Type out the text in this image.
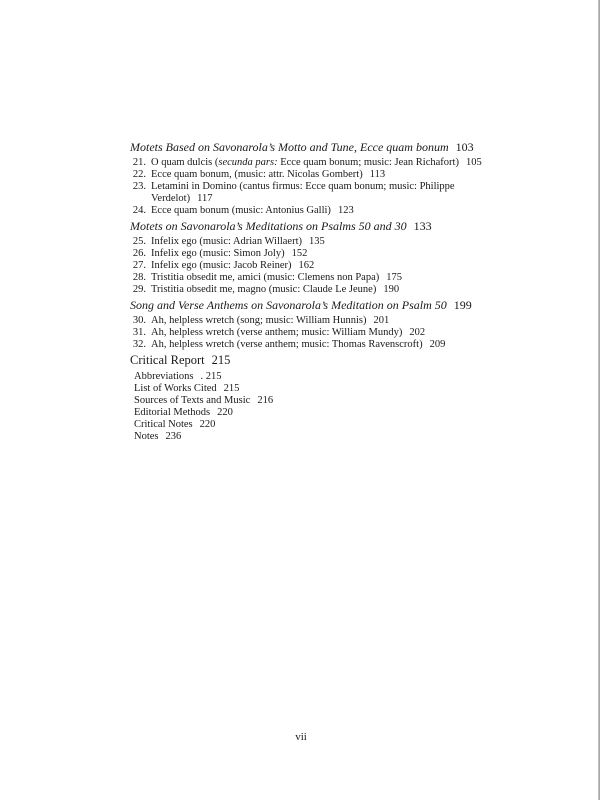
Motets Based on Savonarola’s Motto and Tune, Ecce quam bonum 103
21. O quam dulcis (secunda pars: Ecce quam bonum; music: Jean Richafort) 105
22. Ecce quam bonum, (music: attr. Nicolas Gombert) 113
23. Letamini in Domino (cantus firmus: Ecce quam bonum; music: Philippe Verdelot) 117
24. Ecce quam bonum (music: Antonius Galli) 123
Motets on Savonarola’s Meditations on Psalms 50 and 30 133
25. Infelix ego (music: Adrian Willaert) 135
26. Infelix ego (music: Simon Joly) 152
27. Infelix ego (music: Jacob Reiner) 162
28. Tristitia obsedit me, amici (music: Clemens non Papa) 175
29. Tristitia obsedit me, magno (music: Claude Le Jeune) 190
Song and Verse Anthems on Savonarola’s Meditation on Psalm 50 199
30. Ah, helpless wretch (song; music: William Hunnis) 201
31. Ah, helpless wretch (verse anthem; music: William Mundy) 202
32. Ah, helpless wretch (verse anthem; music: Thomas Ravenscroft) 209
Critical Report 215
Abbreviations . 215
List of Works Cited 215
Sources of Texts and Music 216
Editorial Methods 220
Critical Notes 220
Notes 236
vii
